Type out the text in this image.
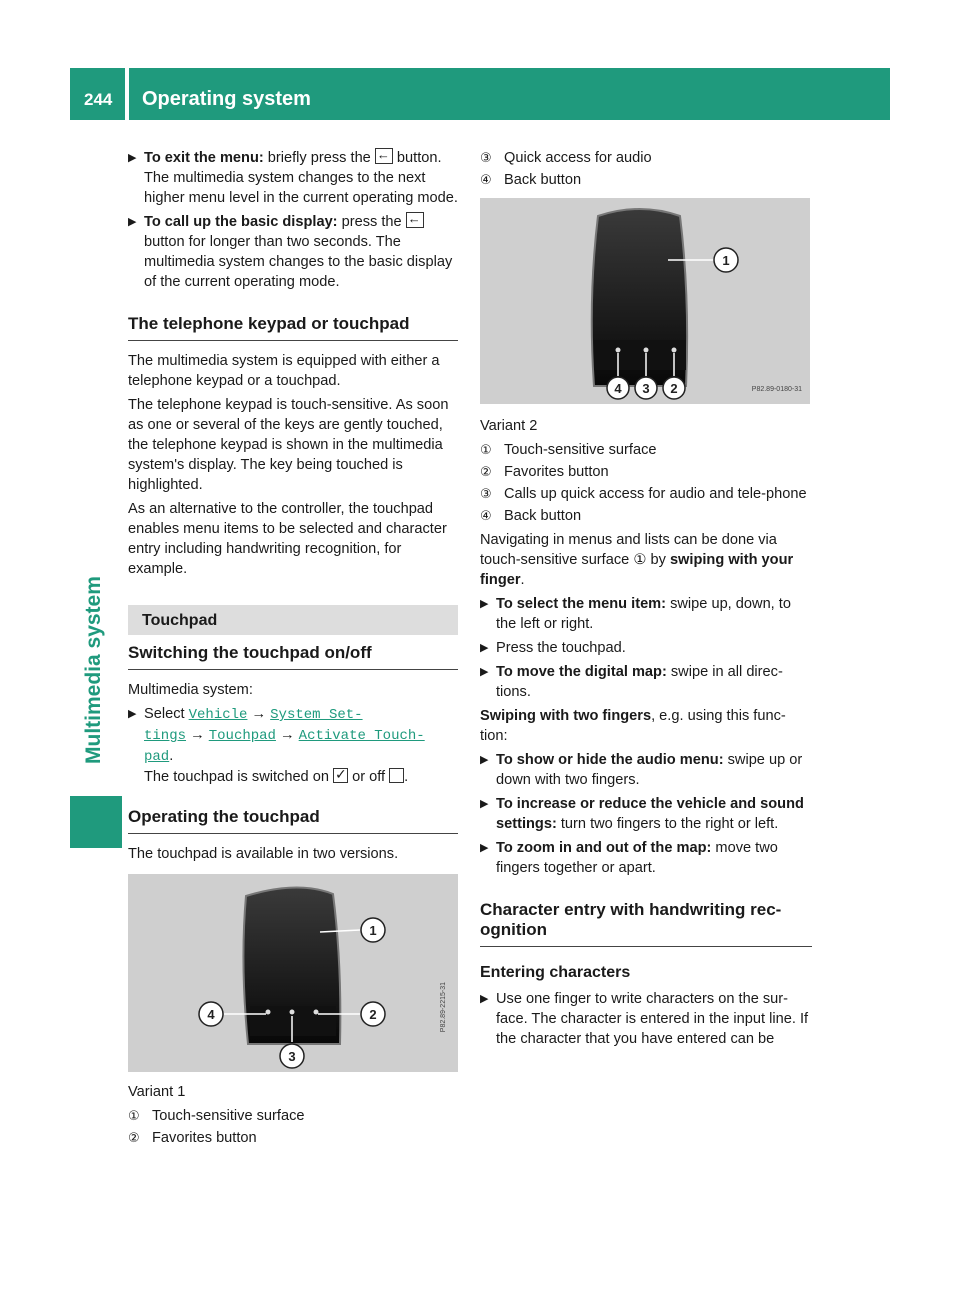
244 Operating system
Multimedia system
▶ To exit the menu: briefly press the ← button. The multimedia system changes to the next higher menu level in the current operating mode.
▶ To call up the basic display: press the ← button for longer than two seconds. The multimedia system changes to the basic display of the current operating mode.
The telephone keypad or touchpad

The multimedia system is equipped with either a telephone keypad or a touchpad.

The telephone keypad is touch-sensitive. As soon as one or several of the keys are gently touched, the telephone keypad is shown in the multimedia system's display. The key being touched is highlighted.

As an alternative to the controller, the touchpad enables menu items to be selected and character entry including handwriting recognition, for example.

Touchpad
Switching the touchpad on/off

Multimedia system:

▶ Select Vehicle → System Set‐
tings → Touchpad → Activate Touch‐
pad.
The touchpad is switched on ✓ or off .
Operating the touchpad

The touchpad is available in two versions.

1
2
3
4	P82.89-2215-31

Variant 1

① Touch-sensitive surface
② Favorites button
③ Quick access for audio
④ Back button
1
4 3 2	P82.89-0180-31

Variant 2

① Touch-sensitive surface
② Favorites button
③ Calls up quick access for audio and tele-phone
④ Back button

Navigating in menus and lists can be done via touch-sensitive surface ① by swiping with your finger.

▶ To select the menu item: swipe up, down, to the left or right.
▶ Press the touchpad.
▶ To move the digital map: swipe in all direc-tions.

Swiping with two fingers, e.g. using this func-tion:

▶ To show or hide the audio menu: swipe up or down with two fingers.
▶ To increase or reduce the vehicle and sound settings: turn two fingers to the right or left.
▶ To zoom in and out of the map: move two fingers together or apart.
Character entry with handwriting rec-ognition
Entering characters
▶ Use one finger to write characters on the sur-face. The character is entered in the input line. If the character that you have entered can be
